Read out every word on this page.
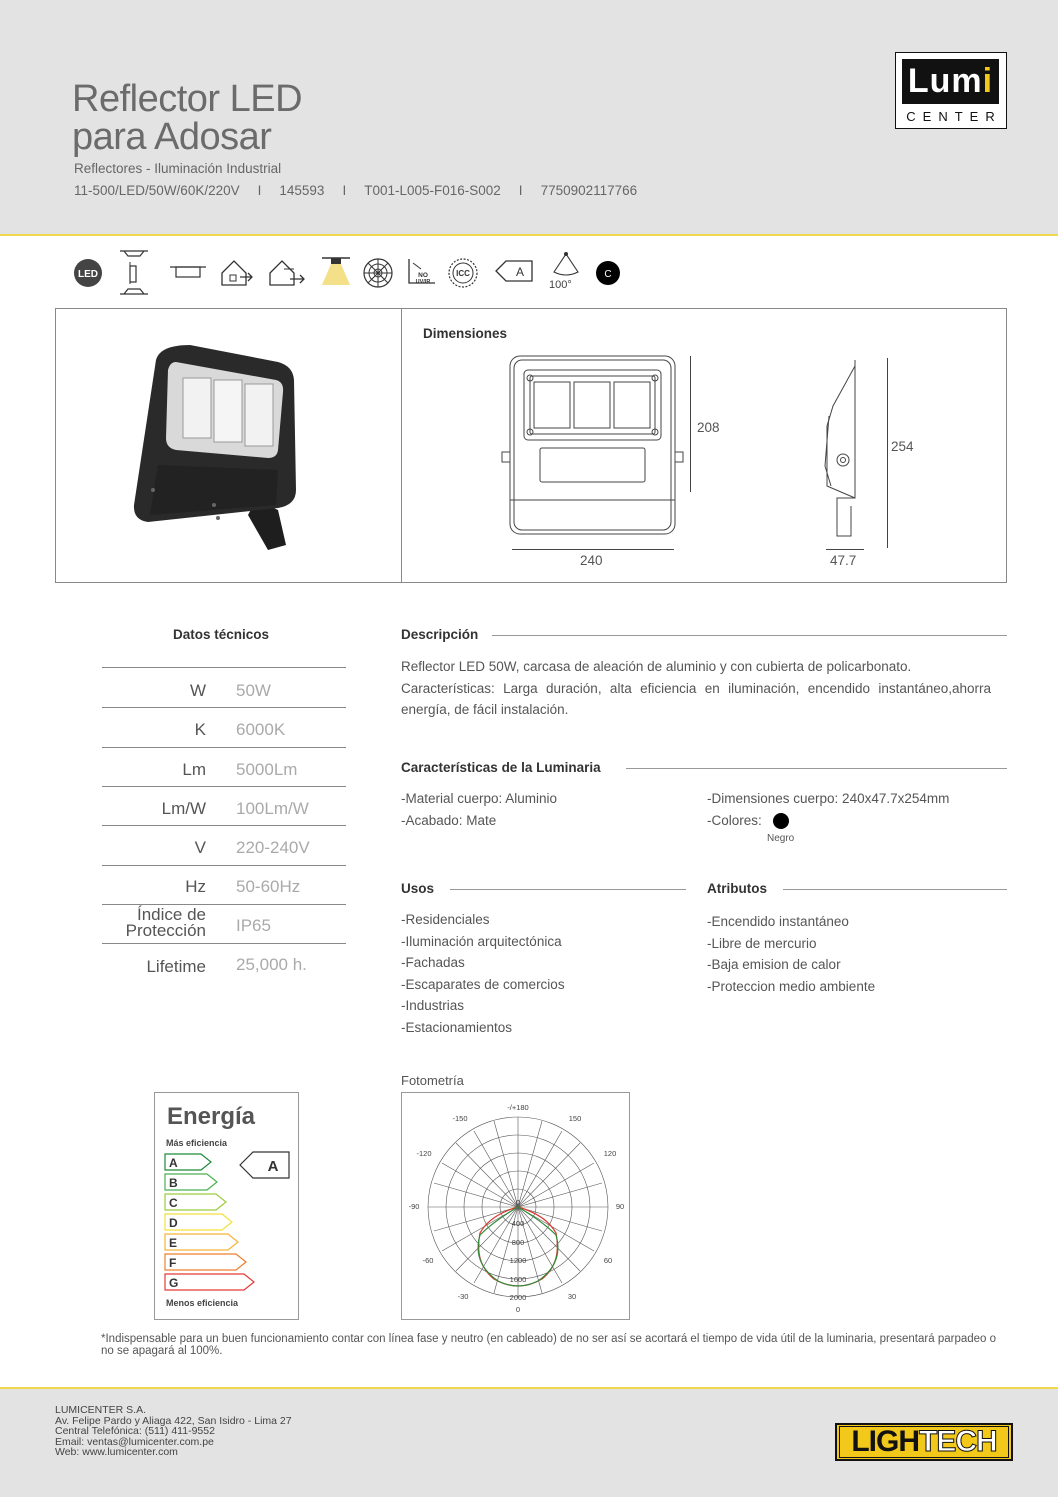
Reflector LED
para Adosar
Reflectores - Iluminación Industrial
11-500/LED/50W/60K/220V I 145593 I T001-L005-F016-S002 I 7750902117766
Lumi
CENTER
LED	NO
UV/IR
ICC	A
100°
C
Dimensiones
208
240
254
47.7
Datos técnicos
W 50W
K 6000K
Lm 5000Lm
Lm/W 100Lm/W
V 220-240V
Hz 50-60Hz
Índice de
Protección IP65
Lifetime 25,000 h.
Descripción
Reflector LED 50W, carcasa de aleación de aluminio y con cubierta de policarbonato.
Características: Larga duración, alta eficiencia en iluminación, encendido instantáneo,ahorra
energía, de fácil instalación.
Características de la Luminaria
-Material cuerpo: Aluminio
-Acabado: Mate
-Dimensiones cuerpo: 240x47.7x254mm
-Colores:
Negro
Usos
-Residenciales
-Iluminación arquitectónica
-Fachadas
-Escaparates de comercios
-Industrias
-Estacionamientos
Atributos
-Encendido instantáneo
-Libre de mercurio
-Baja emision de calor
-Proteccion medio ambiente
Energía
Más eficiencia
A
B
C
D
E
F
G
A
Menos eficiencia
Fotometría
-/+180
-150	150
-120	120
-90	90
-60	60
-30	30
0
0
400
800
1200
1600
2000
*Indispensable para un buen funcionamiento contar con línea fase y neutro (en cableado) de no ser así se acortará el tiempo de vida útil de la luminaria, presentará parpadeo o no se apagará al 100%.
LUMICENTER S.A.
Av. Felipe Pardo y Aliaga 422, San Isidro - Lima 27
Central Telefónica: (511) 411-9552
Email: ventas@lumicenter.com.pe
Web: www.lumicenter.com	LIGHTECH
